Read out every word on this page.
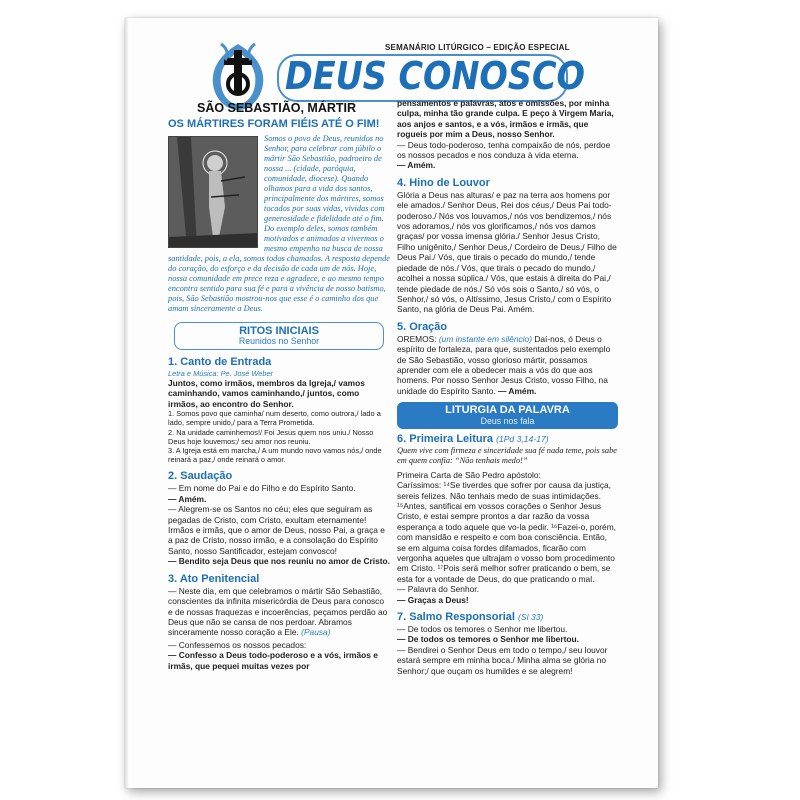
SEMANÁRIO LITÚRGICO – EDIÇÃO ESPECIAL
DEUS CONOSCO
SÃO SEBASTIÃO, MÁRTIR
OS MÁRTIRES FORAM FIÉIS ATÉ O FIM!

Somos o povo de Deus, reunidos no Senhor, para celebrar com júbilo o mártir São Sebastião, padroeiro de nossa ... (cidade, paróquia, comunidade, diocese). Quando olhamos para a vida dos santos, principalmente dos mártires, somos tocados por suas vidas, vividas com generosidade e fidelidade até o fim. Do exemplo deles, somos também motivados e animados a vivermos o mesmo empenho na busca de nossa santidade, pois, a ela, somos todos chamados. A resposta depende do coração, do esforço e da decisão de cada um de nós. Hoje, nossa comunidade em prece reza e agradece, e ao mesmo tempo encontra sentido para sua fé e para a vivência de nosso batismo, pois, São Sebastião mostrou-nos que esse é o caminho dos que amam sinceramente a Deus.

RITOS INICIAIS
Reunidos no Senhor
1. Canto de Entrada

Letra e Música: Pe. José Weber

Juntos, como irmãos, membros da Igreja,/ vamos caminhando, vamos caminhando,/ juntos, como irmãos, ao encontro do Senhor.

1. Somos povo que caminha/ num deserto, como outrora,/ lado a lado, sempre unido,/ para a Terra Prometida.

2. Na unidade caminhemos!/ Foi Jesus quem nos uniu./ Nosso Deus hoje louvemos;/ seu amor nos reuniu.

3. A Igreja está em marcha,/ A um mundo novo vamos nós,/ onde reinará a paz,/ onde reinará o amor.

2. Saudação

— Em nome do Pai e do Filho e do Espírito Santo.

— Amém.

— Alegrem-se os Santos no céu; eles que seguiram as pegadas de Cristo, com Cristo, exultam eternamente! Irmãos e irmãs, que o amor de Deus, nosso Pai, a graça e a paz de Cristo, nosso irmão, e a consolação do Espírito Santo, nosso Santificador, estejam convosco!

— Bendito seja Deus que nos reuniu no amor de Cristo.

3. Ato Penitencial

— Neste dia, em que celebramos o mártir São Sebastião, conscientes da infinita misericórdia de Deus para conosco e de nossas fraquezas e incoerências, peçamos perdão ao Deus que não se cansa de nos perdoar. Abramos sinceramente nosso coração a Ele. (Pausa)

— Confessemos os nossos pecados:

— Confesso a Deus todo-poderoso e a vós, irmãos e irmãs, que pequei muitas vezes por

pensamentos e palavras, atos e omissões, por minha culpa, minha tão grande culpa. E peço à Virgem Maria, aos anjos e santos, e a vós, irmãos e irmãs, que rogueis por mim a Deus, nosso Senhor.

— Deus todo-poderoso, tenha compaixão de nós, perdoe os nossos pecados e nos conduza à vida eterna.

— Amém.

4. Hino de Louvor

Glória a Deus nas alturas/ e paz na terra aos homens por ele amados./ Senhor Deus, Rei dos céus,/ Deus Pai todo-poderoso./ Nós vos louvamos,/ nós vos bendizemos,/ nós vos adoramos,/ nós vos glorificamos,/ nós vos damos graças/ por vossa imensa glória./ Senhor Jesus Cristo, Filho unigênito,/ Senhor Deus,/ Cordeiro de Deus,/ Filho de Deus Pai./ Vós, que tirais o pecado do mundo,/ tende piedade de nós./ Vós, que tirais o pecado do mundo,/ acolhei a nossa súplica./ Vós, que estais à direita do Pai,/ tende piedade de nós./ Só vós sois o Santo,/ só vós, o Senhor,/ só vós, o Altíssimo, Jesus Cristo,/ com o Espírito Santo, na glória de Deus Pai. Amém.

5. Oração

OREMOS: (um instante em silêncio) Daí-nos, ó Deus o espírito de fortaleza, para que, sustentados pelo exemplo de São Sebastião, vosso glorioso mártir, possamos aprender com ele a obedecer mais a vós do que aos homens. Por nosso Senhor Jesus Cristo, vosso Filho, na unidade do Espírito Santo. — Amém.

LITURGIA DA PALAVRA
Deus nos fala
6. Primeira Leitura (1Pd 3,14-17)

Quem vive com firmeza e sinceridade sua fé nada teme, pois sabe em quem confia: “Não tenhais medo!”

Primeira Carta de São Pedro apóstolo:

Caríssimos: ¹⁴Se tiverdes que sofrer por causa da justiça, sereis felizes. Não tenhais medo de suas intimidações. ¹⁵Antes, santificai em vossos corações o Senhor Jesus Cristo, e estai sempre prontos a dar razão da vossa esperança a todo aquele que vo-la pedir. ¹⁶Fazei-o, porém, com mansidão e respeito e com boa consciência. Então, se em alguma coisa fordes difamados, ficarão com vergonha aqueles que ultrajam o vosso bom procedimento em Cristo. ¹⁷Pois será melhor sofrer praticando o bem, se esta for a vontade de Deus, do que praticando o mal.

— Palavra do Senhor.

— Graças a Deus!

7. Salmo Responsorial (Sl 33)

— De todos os temores o Senhor me libertou.

— De todos os temores o Senhor me libertou.

— Bendirei o Senhor Deus em todo o tempo,/ seu louvor estará sempre em minha boca./ Minha alma se glória no Senhor;/ que ouçam os humildes e se alegrem!
